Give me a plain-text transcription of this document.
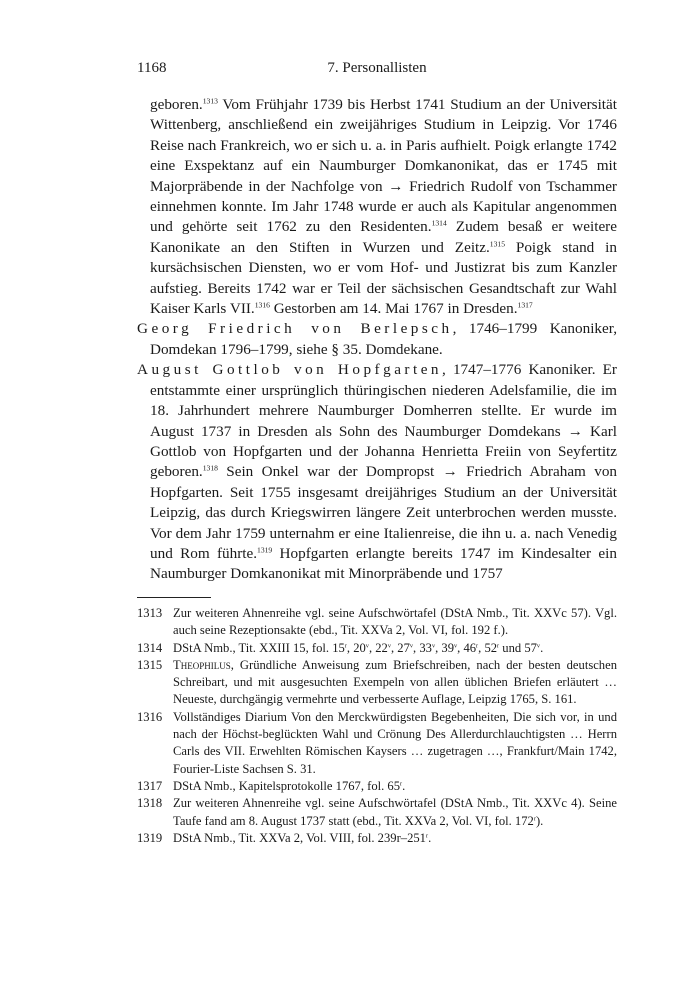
1168	7. Personallisten

geboren.$^{1313}$ Vom Frühjahr 1739 bis Herbst 1741 Studium an der Universität Wittenberg, anschließend ein zweijähriges Studium in Leipzig. Vor 1746 Reise nach Frankreich, wo er sich u. a. in Paris aufhielt. Poigk erlangte 1742 eine Exspektanz auf ein Naumburger Domkanonikat, das er 1745 mit Majorpräbende in der Nachfolge von → Friedrich Rudolf von Tschammer einnehmen konnte. Im Jahr 1748 wurde er auch als Kapitular angenommen und gehörte seit 1762 zu den Residenten.$^{1314}$ Zudem besaß er weitere Kanonikate an den Stiften in Wurzen und Zeitz.$^{1315}$ Poigk stand in kursächsischen Diensten, wo er vom Hof- und Justizrat bis zum Kanzler aufstieg. Bereits 1742 war er Teil der sächsischen Gesandtschaft zur Wahl Kaiser Karls VII.$^{1316}$ Gestorben am 14. Mai 1767 in Dresden.$^{1317}$

Georg Friedrich von Berlepsch, 1746–1799 Kanoniker, Domdekan 1796–1799, siehe § 35. Domdekane.

August Gottlob von Hopfgarten, 1747–1776 Kanoniker. Er entstammte einer ursprünglich thüringischen niederen Adelsfamilie, die im 18. Jahrhundert mehrere Naumburger Domherren stellte. Er wurde im August 1737 in Dresden als Sohn des Naumburger Domdekans → Karl Gottlob von Hopfgarten und der Johanna Henrietta Freiin von Seyfertitz geboren.$^{1318}$ Sein Onkel war der Dompropst → Friedrich Abraham von Hopfgarten. Seit 1755 insgesamt dreijähriges Studium an der Universität Leipzig, das durch Kriegswirren längere Zeit unterbrochen werden musste. Vor dem Jahr 1759 unternahm er eine Italienreise, die ihn u. a. nach Venedig und Rom führte.$^{1319}$ Hopfgarten erlangte bereits 1747 im Kindesalter ein Naumburger Domkanonikat mit Minorpräbende und 1757

1313 Zur weiteren Ahnenreihe vgl. seine Aufschwörtafel (DStA Nmb., Tit. XXVc 57). Vgl. auch seine Rezeptionsakte (ebd., Tit. XXVa 2, Vol. VI, fol. 192 f.).
1314 DStA Nmb., Tit. XXIII 15, fol. 15$^r$, 20$^v$, 22$^v$, 27$^v$, 33$^v$, 39$^v$, 46$^r$, 52$^r$ und 57$^v$.
1315 Theophilus, Gründliche Anweisung zum Briefschreiben, nach der besten deutschen Schreibart, und mit ausgesuchten Exempeln von allen üblichen Briefen erläutert … Neueste, durchgängig vermehrte und verbesserte Auflage, Leipzig 1765, S. 161.
1316 Vollständiges Diarium Von den Merckwürdigsten Begebenheiten, Die sich vor, in und nach der Höchst-beglückten Wahl und Crönung Des Allerdurchlauchtigsten … Herrn Carls des VII. Erwehlten Römischen Kaysers … zugetragen …, Frankfurt/Main 1742, Fourier-Liste Sachsen S. 31.
1317 DStA Nmb., Kapitelsprotokolle 1767, fol. 65$^r$.
1318 Zur weiteren Ahnenreihe vgl. seine Aufschwörtafel (DStA Nmb., Tit. XXVc 4). Seine Taufe fand am 8. August 1737 statt (ebd., Tit. XXVa 2, Vol. VI, fol. 172$^r$).
1319 DStA Nmb., Tit. XXVa 2, Vol. VIII, fol. 239r–251$^r$.
